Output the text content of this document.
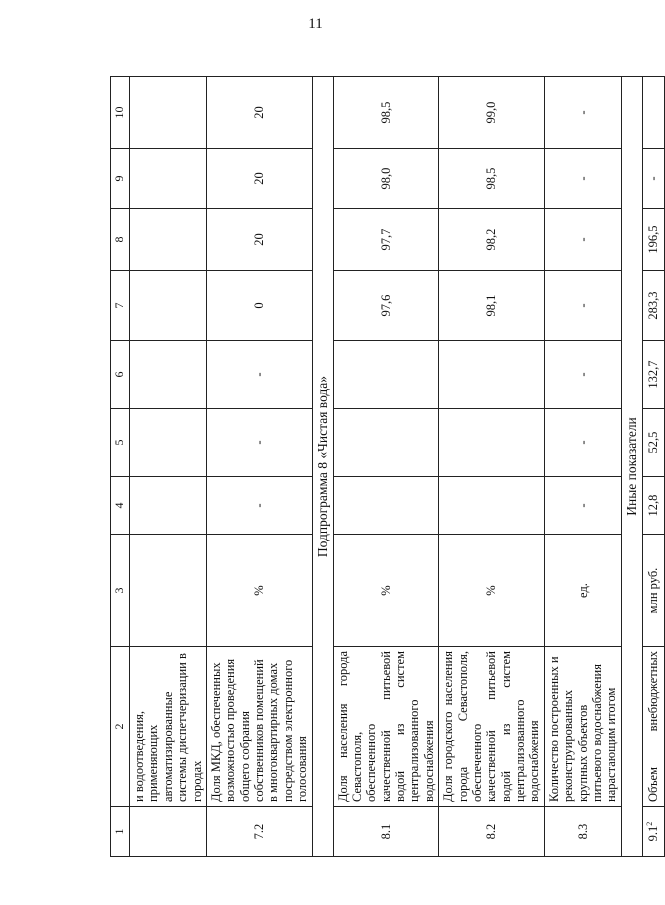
11
1	2	3	4	5	6	7	8	9	10
	и водоотведения, применяющих автоматизированные системы диспетчеризации в городах								
7.2	Доля МКД, обеспеченных возможностью проведения общего собрания собственников помещений в многоквартирных домах посредством электронного голосования	%	-	-	-	0	20	20	20
Подпрограмма 8 «Чистая вода»									
8.1	Доля населения города Севастополя, обеспеченного качественной питьевой водой из систем централизованного водоснабжения	%				97,6	97,7	98,0	98,5
8.2	Доля городского населения города Севастополя, обеспеченного качественной питьевой водой из систем централизованного водоснабжения	%				98,1	98,2	98,5	99,0
8.3	Количество построенных и реконструированных крупных объектов питьевого водоснабжения нарастающим итогом	ед.	-	-	-	-	-	-	-
Иные показатели									
$9.1^2$	Объем внебюджетных	млн руб.	12,8	52,5	132,7	283,3	196,5	-	
